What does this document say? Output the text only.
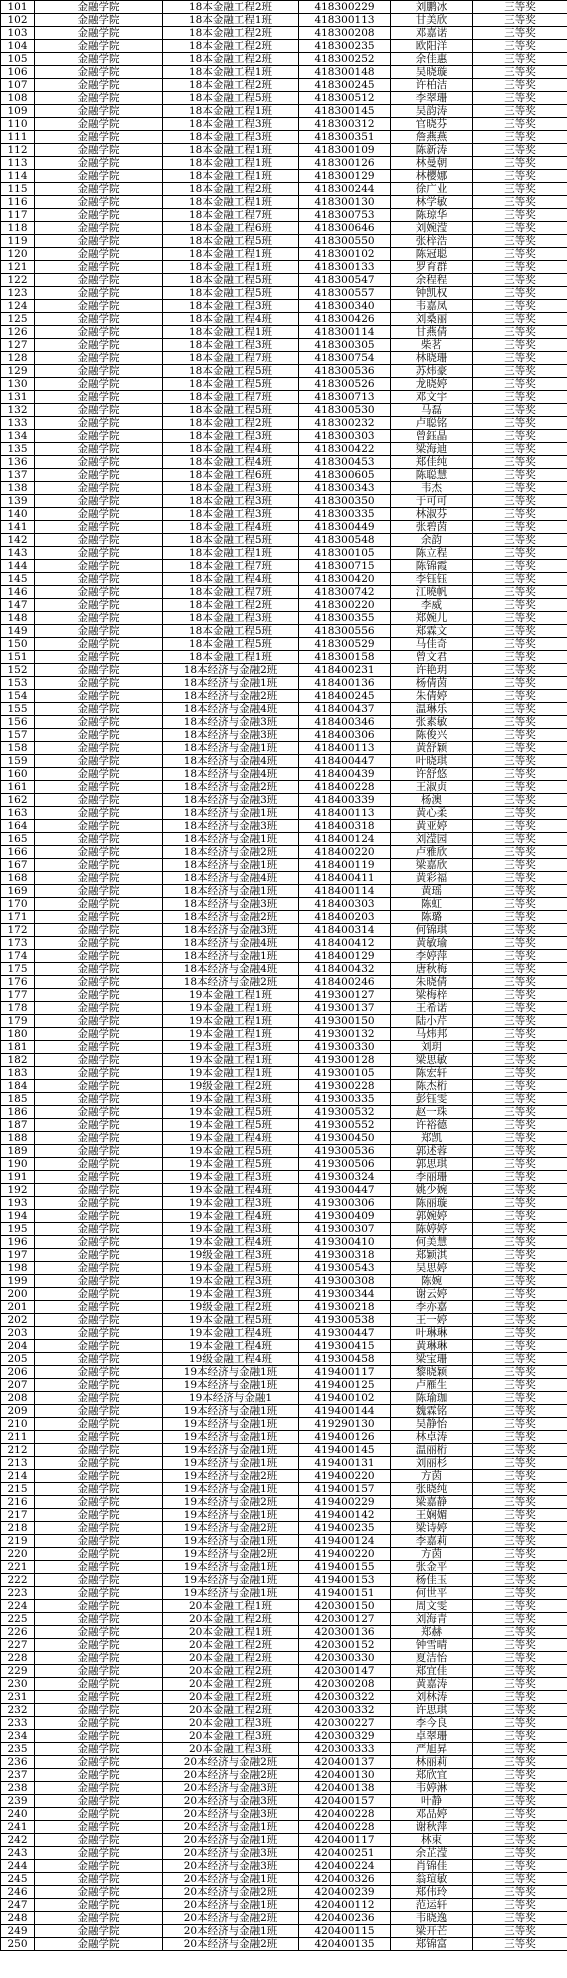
101	金融学院	18本金融工程2班	418300229	刘鹏冰	三等奖
102	金融学院	18本金融工程1班	418300113	甘美欣	三等奖
103	金融学院	18本金融工程2班	418300208	邓嘉诺	三等奖
104	金融学院	18本金融工程2班	418300235	欧阳洋	三等奖
105	金融学院	18本金融工程2班	418300252	余佳惠	三等奖
106	金融学院	18本金融工程1班	418300148	吴晓璇	三等奖
107	金融学院	18本金融工程2班	418300245	许柏洁	三等奖
108	金融学院	18本金融工程5班	418300512	李翠珊	三等奖
109	金融学院	18本金融工程1班	418300145	吴韵涛	三等奖
110	金融学院	18本金融工程3班	418300312	官晓芬	三等奖
111	金融学院	18本金融工程3班	418300351	詹燕燕	三等奖
112	金融学院	18本金融工程1班	418300109	陈新涛	三等奖
113	金融学院	18本金融工程1班	418300126	林曼朝	三等奖
114	金融学院	18本金融工程1班	418300129	林樱娜	三等奖
115	金融学院	18本金融工程2班	418300244	徐广业	三等奖
116	金融学院	18本金融工程1班	418300130	林学敏	三等奖
117	金融学院	18本金融工程7班	418300753	陈琼华	三等奖
118	金融学院	18本金融工程6班	418300646	刘婉滢	三等奖
119	金融学院	18本金融工程5班	418300550	张梓浩	三等奖
120	金融学院	18本金融工程1班	418300102	陈冠聪	三等奖
121	金融学院	18本金融工程1班	418300133	罗育群	三等奖
122	金融学院	18本金融工程5班	418300547	余程程	三等奖
123	金融学院	18本金融工程5班	418300557	钟凯权	三等奖
124	金融学院	18本金融工程3班	418300340	韦嘉凤	三等奖
125	金融学院	18本金融工程4班	418300426	刘桑丽	三等奖
126	金融学院	18本金融工程1班	418300114	甘燕倩	三等奖
127	金融学院	18本金融工程3班	418300305	柴茗	三等奖
128	金融学院	18本金融工程7班	418300754	林晓珊	三等奖
129	金融学院	18本金融工程5班	418300536	苏炜豪	三等奖
130	金融学院	18本金融工程5班	418300526	龙晓婷	三等奖
131	金融学院	18本金融工程7班	418300713	邓文宇	三等奖
132	金融学院	18本金融工程5班	418300530	马磊	三等奖
133	金融学院	18本金融工程2班	418300232	卢聪铭	三等奖
134	金融学院	18本金融工程3班	418300303	曾鈺晶	三等奖
135	金融学院	18本金融工程4班	418300422	梁海迪	三等奖
136	金融学院	18本金融工程4班	418300453	郑佳纯	三等奖
137	金融学院	18本金融工程6班	418300605	陈聪慧	三等奖
138	金融学院	18本金融工程3班	418300343	韦杰	三等奖
139	金融学院	18本金融工程3班	418300350	于可可	三等奖
140	金融学院	18本金融工程3班	418300335	林淑芬	三等奖
141	金融学院	18本金融工程4班	418300449	张碧茵	三等奖
142	金融学院	18本金融工程5班	418300548	余韵	三等奖
143	金融学院	18本金融工程1班	418300105	陈立程	三等奖
144	金融学院	18本金融工程7班	418300715	陈锦霞	三等奖
145	金融学院	18本金融工程4班	418300420	李钰钰	三等奖
146	金融学院	18本金融工程7班	418300742	江曉帆	三等奖
147	金融学院	18本金融工程2班	418300220	李威	三等奖
148	金融学院	18本金融工程3班	418300355	郑婉儿	三等奖
149	金融学院	18本金融工程5班	418300556	郑霖文	三等奖
150	金融学院	18本金融工程5班	418300529	马佳奇	三等奖
151	金融学院	18本金融工程1班	418300158	曾文君	三等奖
152	金融学院	18本经济与金融2班	418400231	许艳玥	三等奖
153	金融学院	18本经济与金融1班	418400136	杨倩茵	三等奖
154	金融学院	18本经济与金融2班	418400245	朱倩婷	三等奖
155	金融学院	18本经济与金融4班	418400437	温琳乐	三等奖
156	金融学院	18本经济与金融3班	418400346	张素敏	三等奖
157	金融学院	18本经济与金融3班	418400306	陈俊兴	三等奖
158	金融学院	18本经济与金融1班	418400113	黄舒颖	三等奖
159	金融学院	18本经济与金融4班	418400447	叶晓琪	三等奖
160	金融学院	18本经济与金融4班	418400439	许舒悠	三等奖
161	金融学院	18本经济与金融2班	418400228	王淑贞	三等奖
162	金融学院	18本经济与金融3班	418400339	杨澳	三等奖
163	金融学院	18本经济与金融1班	418400113	黄心柔	三等奖
164	金融学院	18本经济与金融3班	418400318	黄亚婷	三等奖
165	金融学院	18本经济与金融1班	418400124	刘滢园	三等奖
166	金融学院	18本经济与金融2班	418400220	卢雅欣	三等奖
167	金融学院	18本经济与金融1班	418400119	梁嘉欣	三等奖
168	金融学院	18本经济与金融4班	418400411	黄彩福	三等奖
169	金融学院	18本经济与金融1班	418400114	黄瑶	三等奖
170	金融学院	18本经济与金融3班	418400303	陈虹	三等奖
171	金融学院	18本经济与金融2班	418400203	陈璐	三等奖
172	金融学院	18本经济与金融3班	418400314	何锦琪	三等奖
173	金融学院	18本经济与金融4班	418400412	黄敏瑜	三等奖
174	金融学院	18本经济与金融1班	418400129	李婷萍	三等奖
175	金融学院	18本经济与金融4班	418400432	唐秋梅	三等奖
176	金融学院	18本经济与金融2班	418400246	朱晓倩	三等奖
177	金融学院	19本金融工程1班	419300127	梁梅梓	三等奖
178	金融学院	19本金融工程1班	419300137	王希诺	三等奖
179	金融学院	19本金融工程1班	419300150	陆小芹	三等奖
180	金融学院	19本金融工程1班	419300132	马炜邦	三等奖
181	金融学院	19本金融工程3班	419300330	刘玥	三等奖
182	金融学院	19本金融工程1班	419300128	梁思敏	三等奖
183	金融学院	19本金融工程1班	419300105	陈宏轩	三等奖
184	金融学院	19级金融工程2班	419300228	陈杰桁	三等奖
185	金融学院	19本金融工程3班	419300335	彭钰雯	三等奖
186	金融学院	19本金融工程5班	419300532	赵一珠	三等奖
187	金融学院	19本金融工程5班	419300552	许裕德	三等奖
188	金融学院	19本金融工程4班	419300450	郑凯	三等奖
189	金融学院	19本金融工程5班	419300536	郭述蓉	三等奖
190	金融学院	19本金融工程5班	419300506	郭思琪	三等奖
191	金融学院	19本金融工程3班	419300324	李丽珊	三等奖
192	金融学院	19本金融工程4班	419300447	姚少婉	三等奖
193	金融学院	19本金融工程3班	419300306	陈丽璇	三等奖
194	金融学院	19本金融工程4班	419300409	郭婉婷	三等奖
195	金融学院	19本金融工程3班	419300307	陈婷婷	三等奖
196	金融学院	19本金融工程4班	419300410	何美慧	三等奖
197	金融学院	19级金融工程3班	419300318	郑颖淇	三等奖
198	金融学院	19本金融工程5班	419300543	吴思婷	三等奖
199	金融学院	19本金融工程3班	419300308	陈婉	三等奖
200	金融学院	19本金融工程3班	419300344	谢云婷	三等奖
201	金融学院	19级金融工程2班	419300218	李亦嘉	三等奖
202	金融学院	19本金融工程5班	419300538	王一婷	三等奖
203	金融学院	19本金融工程4班	419300447	叶琳琳	三等奖
204	金融学院	19本金融工程4班	419300415	黄琳琳	三等奖
205	金融学院	19级金融工程4班	419300458	梁宝珊	三等奖
206	金融学院	19本经济与金融1班	419400117	黎晓颖	三等奖
207	金融学院	19本经济与金融1班	419400125	卢雁生	三等奖
208	金融学院	19本经济与金融1	419400102	陈瑜珈	三等奖
209	金融学院	19本经济与金融1班	419400144	魏霖铭	三等奖
210	金融学院	19本经济与金融1班	419290130	吴静怡	三等奖
211	金融学院	19本经济与金融1班	419400126	林卓涛	三等奖
212	金融学院	19本经济与金融1班	419400145	温丽桁	三等奖
213	金融学院	19本经济与金融1班	419400131	刘丽杉	三等奖
214	金融学院	19本经济与金融2班	419400220	方茵	三等奖
215	金融学院	19本经济与金融1班	419400157	张晓纯	三等奖
216	金融学院	19本经济与金融2班	419400229	梁嘉静	三等奖
217	金融学院	19本经济与金融1班	419400142	王娴媚	三等奖
218	金融学院	19本经济与金融2班	419400235	梁诗婷	三等奖
219	金融学院	19本经济与金融1班	419400124	李嘉莉	三等奖
220	金融学院	19本经济与金融2班	419400220	方茵	三等奖
221	金融学院	19本经济与金融1班	419400155	张金平	三等奖
222	金融学院	19本经济与金融1班	419400153	杨佳玉	三等奖
223	金融学院	19本经济与金融1班	419400151	何世平	三等奖
224	金融学院	20本金融工程1班	420300150	周文雯	三等奖
225	金融学院	20本金融工程2班	420300127	刘海青	三等奖
226	金融学院	20本金融工程1班	420300136	郑赫	三等奖
227	金融学院	20本金融工程2班	420300152	钟雪晴	三等奖
228	金融学院	20本金融工程2班	420300330	夏洁怡	三等奖
229	金融学院	20本金融工程2班	420300147	郑宜佳	三等奖
230	金融学院	20本金融工程2班	420300208	黄嘉涛	三等奖
231	金融学院	20本金融工程2班	420300322	刘林涛	三等奖
232	金融学院	20本金融工程2班	420300332	许思琪	三等奖
233	金融学院	20本金融工程3班	420300227	李今良	三等奖
234	金融学院	20本金融工程3班	420300329	卓翠珊	三等奖
235	金融学院	20本金融工程3班	420300333	严旭昇	三等奖
236	金融学院	20本经济与金融2班	420400137	林丽莉	三等奖
237	金融学院	20本经济与金融2班	420400130	郑欣宜	三等奖
238	金融学院	20本经济与金融3班	420400138	韦婷淋	三等奖
239	金融学院	20本经济与金融3班	420400157	叶静	三等奖
240	金融学院	20本经济与金融3班	420400228	邓品婷	三等奖
241	金融学院	20本经济与金融1班	420400228	谢秋萍	三等奖
242	金融学院	20本经济与金融1班	420400117	林束	三等奖
243	金融学院	20本经济与金融3班	420400251	余芷滢	三等奖
244	金融学院	20本经济与金融3班	420400224	肖锦佳	三等奖
245	金融学院	20本经济与金融1班	420400326	翁瑄敏	三等奖
246	金融学院	20本经济与金融2班	420400239	郑伟玲	三等奖
247	金融学院	20本经济与金融1班	420400112	范运轩	三等奖
248	金融学院	20本经济与金融2班	420400236	韦晓逸	三等奖
249	金融学院	20本经济与金融1班	420400115	梁开芒	三等奖
250	金融学院	20本经济与金融2班	420400135	郑锦富	三等奖
